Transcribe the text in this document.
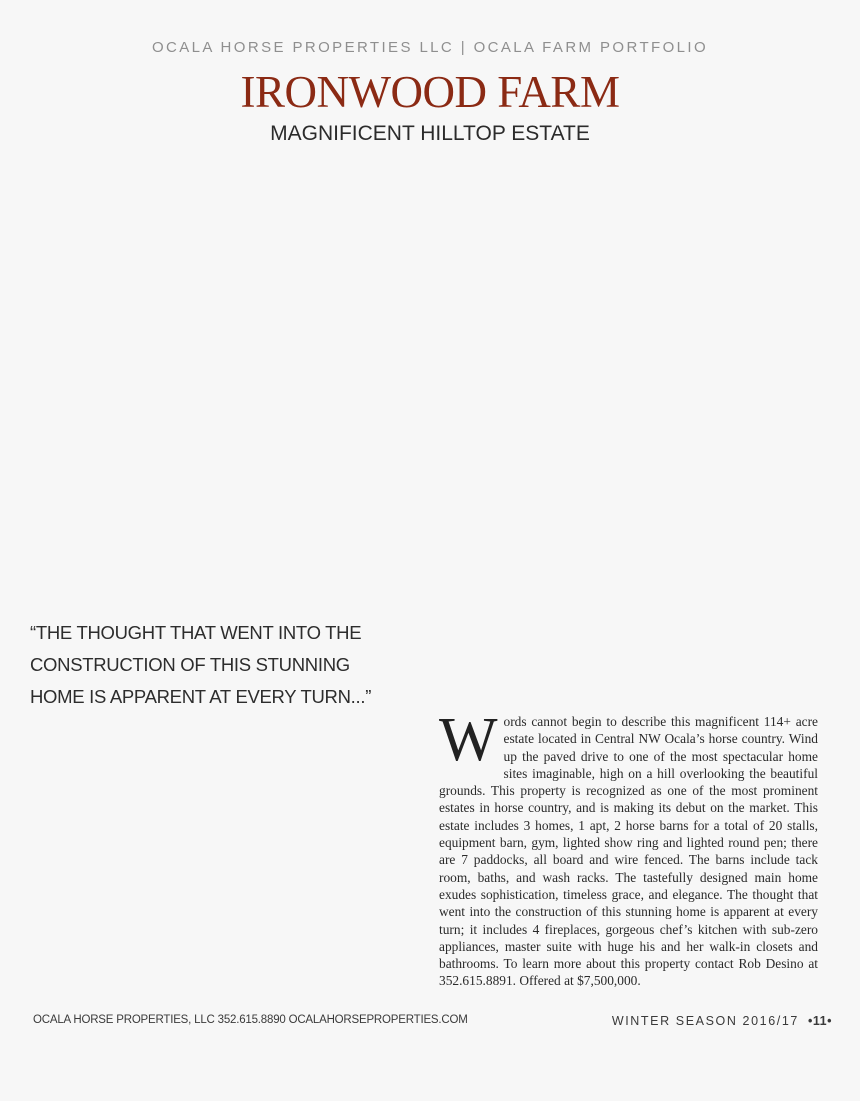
OCALA HORSE PROPERTIES LLC | OCALA FARM PORTFOLIO
IRONWOOD FARM
MAGNIFICENT HILLTOP ESTATE
“THE THOUGHT THAT WENT INTO THE
CONSTRUCTION OF THIS STUNNING
HOME IS APPARENT AT EVERY TURN...”
Words cannot begin to describe this magnificent 114+ acre estate located in Central NW Ocala’s horse country. Wind up the paved drive to one of the most spectacular home sites imaginable, high on a hill overlooking the beautiful grounds. This property is recognized as one of the most prominent estates in horse country, and is making its debut on the market. This estate includes 3 homes, 1 apt, 2 horse barns for a total of 20 stalls, equipment barn, gym, lighted show ring and lighted round pen; there are 7 paddocks, all board and wire fenced. The barns include tack room, baths, and wash racks. The tastefully designed main home exudes sophistication, timeless grace, and elegance. The thought that went into the construction of this stunning home is apparent at every turn; it includes 4 fireplaces, gorgeous chef’s kitchen with sub-zero appliances, master suite with huge his and her walk-in closets and bathrooms. To learn more about this property contact Rob Desino at 352.615.8891. Offered at $7,500,000.
OCALA HORSE PROPERTIES, LLC 352.615.8890 OCALAHORSEPROPERTIES.COM	WINTER SEASON 2016/17 •11•
